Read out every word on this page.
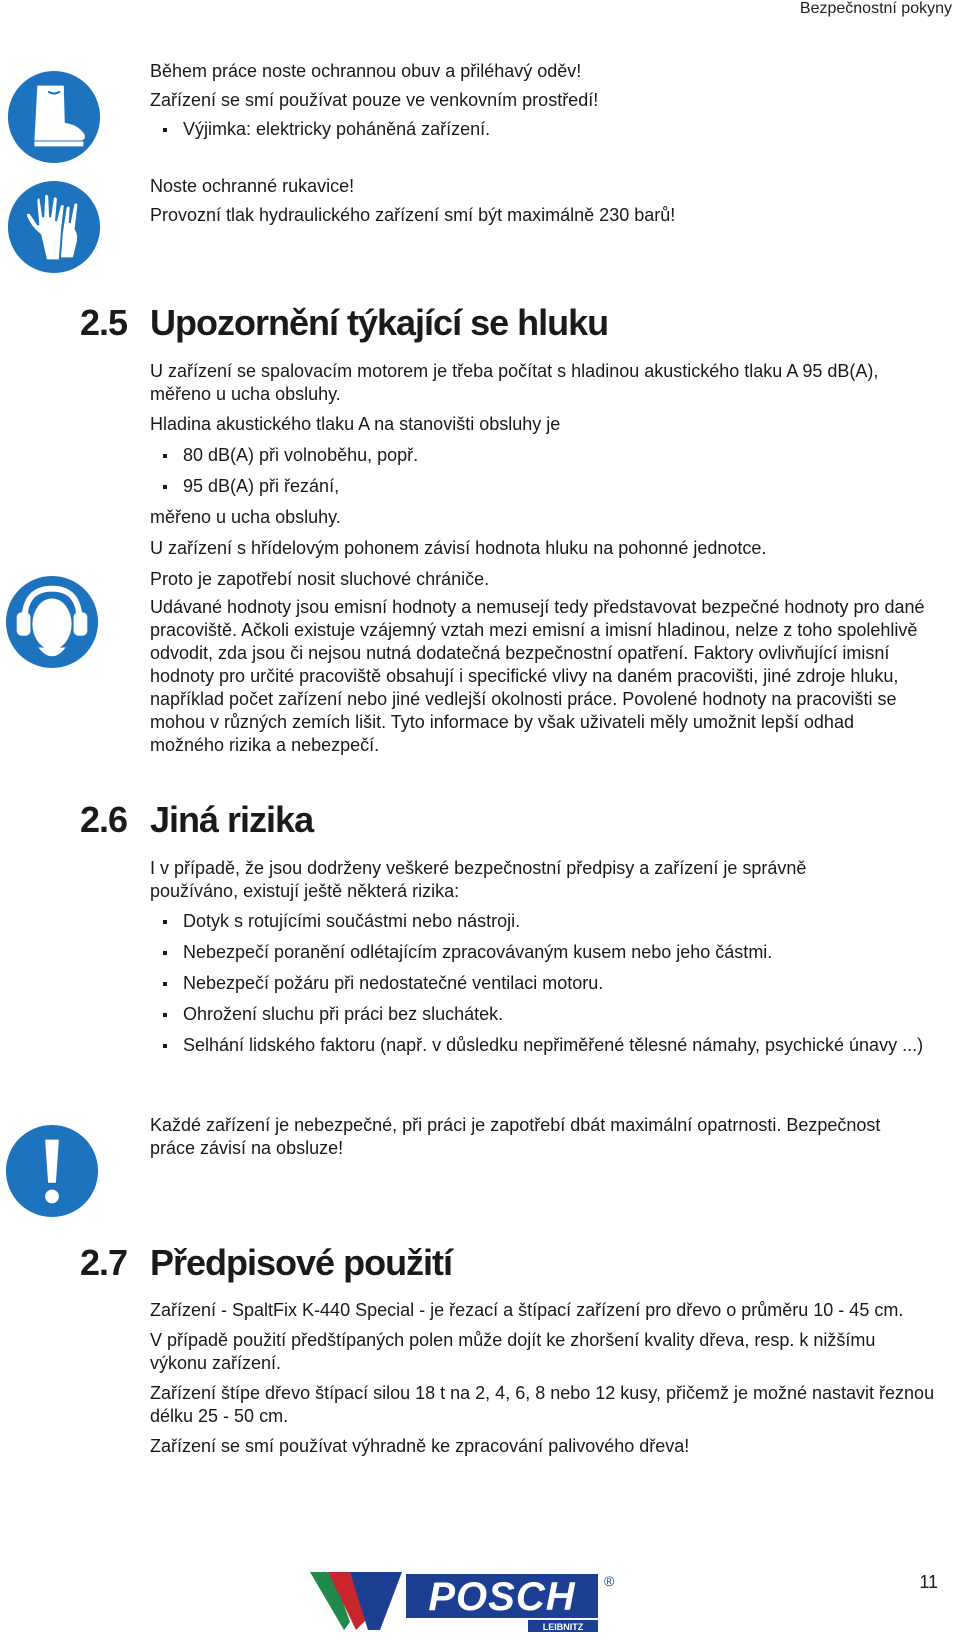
Bezpečnostní pokyny

Během práce noste ochrannou obuv a přiléhavý oděv!

Zařízení se smí používat pouze ve venkovním prostředí!

Výjimka: elektricky poháněná zařízení.

Noste ochranné rukavice!

Provozní tlak hydraulického zařízení smí být maximálně 230 barů!

2.5 Upozornění týkající se hluku

U zařízení se spalovacím motorem je třeba počítat s hladinou akustického tlaku A 95 dB(A), měřeno u ucha obsluhy.

Hladina akustického tlaku A na stanovišti obsluhy je

80 dB(A) při volnoběhu, popř.

95 dB(A) při řezání,

měřeno u ucha obsluhy.

U zařízení s hřídelovým pohonem závisí hodnota hluku na pohonné jednotce.

Proto je zapotřebí nosit sluchové chrániče.

Udávané hodnoty jsou emisní hodnoty a nemusejí tedy představovat bezpečné hodnoty pro dané pracoviště. Ačkoli existuje vzájemný vztah mezi emisní a imisní hladinou, nelze z toho spolehlivě odvodit, zda jsou či nejsou nutná dodatečná bezpečnostní opatření. Faktory ovlivňující imisní hodnoty pro určité pracoviště obsahují i specifické vlivy na daném pracovišti, jiné zdroje hluku, například počet zařízení nebo jiné vedlejší okolnosti práce. Povolené hodnoty na pracovišti se mohou v různých zemích lišit. Tyto informace by však uživateli měly umožnit lepší odhad možného rizika a nebezpečí.

2.6 Jiná rizika

I v případě, že jsou dodrženy veškeré bezpečnostní předpisy a zařízení je správně používáno, existují ještě některá rizika:

Dotyk s rotujícími součástmi nebo nástroji.

Nebezpečí poranění odlétajícím zpracovávaným kusem nebo jeho částmi.

Nebezpečí požáru při nedostatečné ventilaci motoru.

Ohrožení sluchu při práci bez sluchátek.

Selhání lidského faktoru (např. v důsledku nepřiměřené tělesné námahy, psychické únavy ...)

Každé zařízení je nebezpečné, při práci je zapotřebí dbát maximální opatrnosti. Bezpečnost práce závisí na obsluze!

2.7 Předpisové použití

Zařízení - SpaltFix K-440 Special - je řezací a štípací zařízení pro dřevo o průměru 10 - 45 cm.

V případě použití předštípaných polen může dojít ke zhoršení kvality dřeva, resp. k nižšímu výkonu zařízení.

Zařízení štípe dřevo štípací silou 18 t na 2, 4, 6, 8 nebo 12 kusy, přičemž je možné nastavit řeznou délku 25 - 50 cm.

Zařízení se smí používat výhradně ke zpracování palivového dřeva!

POSCH
LEIBNITZ
®	11
